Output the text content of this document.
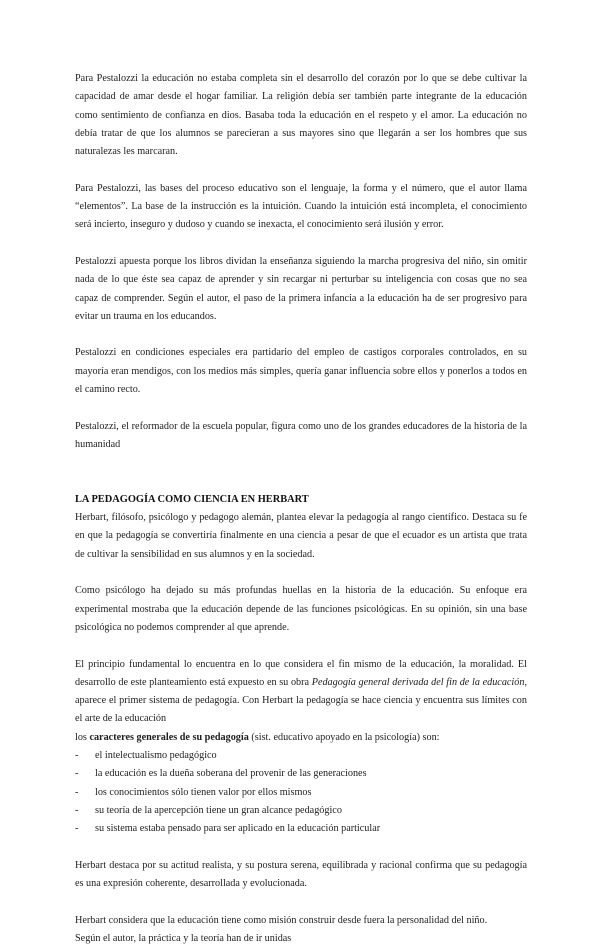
Para Pestalozzi la educación no estaba completa sin el desarrollo del corazón por lo que se debe cultivar la capacidad de amar desde el hogar familiar. La religión debía ser también parte integrante de la educación como sentimiento de confianza en dios. Basaba toda la educación en el respeto y el amor. La educación no debía tratar de que los alumnos se parecieran a sus mayores sino que llegarán a ser los hombres que sus naturalezas les marcaran.

Para Pestalozzi, las bases del proceso educativo son el lenguaje, la forma y el número, que el autor llama “elementos”. La base de la instrucción es la intuición. Cuando la intuición está incompleta, el conocimiento será incierto, inseguro y dudoso y cuando se inexacta, el conocimiento será ilusión y error.

Pestalozzi apuesta porque los libros dividan la enseñanza siguiendo la marcha progresiva del niño, sin omitir nada de lo que éste sea capaz de aprender y sin recargar ni perturbar su inteligencia con cosas que no sea capaz de comprender. Según el autor, el paso de la primera infancia a la educación ha de ser progresivo para evitar un trauma en los educandos.

Pestalozzi en condiciones especiales era partidario del empleo de castigos corporales controlados, en su mayoría eran mendigos, con los medios más simples, quería ganar influencia sobre ellos y ponerlos a todos en el camino recto.

Pestalozzi, el reformador de la escuela popular, figura como uno de los grandes educadores de la historia de la humanidad

LA PEDAGOGÍA COMO CIENCIA EN HERBART

Herbart, filósofo, psicólogo y pedagogo alemán, plantea elevar la pedagogía al rango científico. Destaca su fe en que la pedagogía se convertiría finalmente en una ciencia a pesar de que el ecuador es un artista que trata de cultivar la sensibilidad en sus alumnos y en la sociedad.

Como psicólogo ha dejado su más profundas huellas en la historia de la educación. Su enfoque era experimental mostraba que la educación depende de las funciones psicológicas. En su opinión, sin una base psicológica no podemos comprender al que aprende.

El principio fundamental lo encuentra en lo que considera el fin mismo de la educación, la moralidad. El desarrollo de este planteamiento está expuesto en su obra Pedagogía general derivada del fin de la educación, aparece el primer sistema de pedagogía. Con Herbart la pedagogía se hace ciencia y encuentra sus límites con el arte de la educación

los caracteres generales de su pedagogía (sist. educativo apoyado en la psicología) son:
- el intelectualismo pedagógico
- la educación es la dueña soberana del provenir de las generaciones
- los conocimientos sólo tienen valor por ellos mismos
- su teoría de la apercepción tiene un gran alcance pedagógico
- su sistema estaba pensado para ser aplicado en la educación particular

Herbart destaca por su actitud realista, y su postura serena, equilibrada y racional confirma que su pedagogía es una expresión coherente, desarrollada y evolucionada.

Herbart considera que la educación tiene como misión construir desde fuera la personalidad del niño.
Según el autor, la práctica y la teoría han de ir unidas
